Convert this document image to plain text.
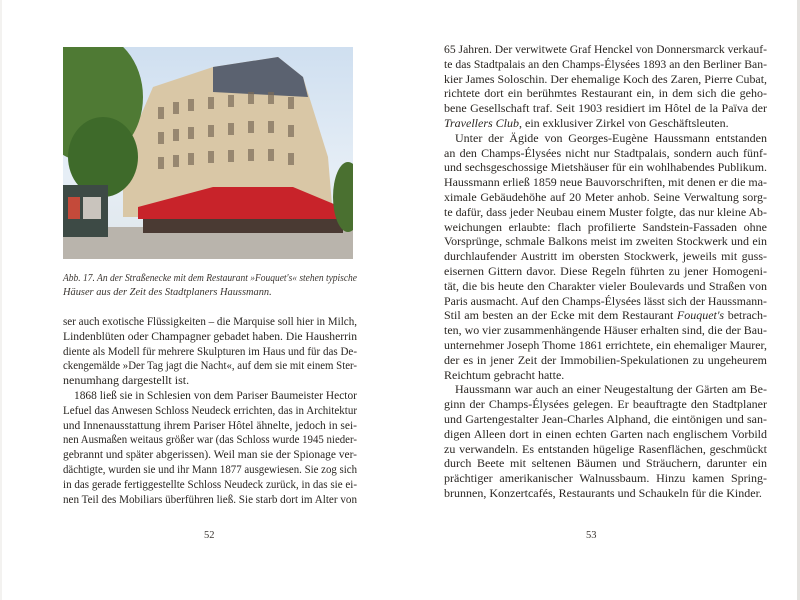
Abb. 17. An der Straßenecke mit dem Restaurant »Fouquet's« stehen typische
Häuser aus der Zeit des Stadtplaners Haussmann.
ser auch exotische Flüssigkeiten – die Marquise soll hier in Milch,
Lindenblüten oder Champagner gebadet haben. Die Hausherrin
diente als Modell für mehrere Skulpturen im Haus und für das De-
ckengemälde »Der Tag jagt die Nacht«, auf dem sie mit einem Ster-
nenumhang dargestellt ist.
1868 ließ sie in Schlesien von dem Pariser Baumeister Hector
Lefuel das Anwesen Schloss Neudeck errichten, das in Architektur
und Innenausstattung ihrem Pariser Hôtel ähnelte, jedoch in sei-
nen Ausmaßen weitaus größer war (das Schloss wurde 1945 nieder-
gebrannt und später abgerissen). Weil man sie der Spionage ver-
dächtigte, wurden sie und ihr Mann 1877 ausgewiesen. Sie zog sich
in das gerade fertiggestellte Schloss Neudeck zurück, in das sie ei-
nen Teil des Mobiliars überführen ließ. Sie starb dort im Alter von
52
65 Jahren. Der verwitwete Graf Henckel von Donnersmarck verkauf-
te das Stadtpalais an den Champs-Élysées 1893 an den Berliner Ban-
kier James Soloschin. Der ehemalige Koch des Zaren, Pierre Cubat,
richtete dort ein berühmtes Restaurant ein, in dem sich die geho-
bene Gesellschaft traf. Seit 1903 residiert im Hôtel de la Païva der
Travellers Club, ein exklusiver Zirkel von Geschäftsleuten.
Unter der Ägide von Georges-Eugène Haussmann entstanden
an den Champs-Élysées nicht nur Stadtpalais, sondern auch fünf-
und sechsgeschossige Mietshäuser für ein wohlhabendes Publikum.
Haussmann erließ 1859 neue Bauvorschriften, mit denen er die ma-
ximale Gebäudehöhe auf 20 Meter anhob. Seine Verwaltung sorg-
te dafür, dass jeder Neubau einem Muster folgte, das nur kleine Ab-
weichungen erlaubte: flach profilierte Sandstein-Fassaden ohne
Vorsprünge, schmale Balkons meist im zweiten Stockwerk und ein
durchlaufender Austritt im obersten Stockwerk, jeweils mit guss-
eisernen Gittern davor. Diese Regeln führten zu jener Homogeni-
tät, die bis heute den Charakter vieler Boulevards und Straßen von
Paris ausmacht. Auf den Champs-Élysées lässt sich der Haussmann-
Stil am besten an der Ecke mit dem Restaurant Fouquet's betrach-
ten, wo vier zusammenhängende Häuser erhalten sind, die der Bau-
unternehmer Joseph Thome 1861 errichtete, ein ehemaliger Maurer,
der es in jener Zeit der Immobilien-Spekulationen zu ungeheurem
Reichtum gebracht hatte.
Haussmann war auch an einer Neugestaltung der Gärten am Be-
ginn der Champs-Élysées gelegen. Er beauftragte den Stadtplaner
und Gartengestalter Jean-Charles Alphand, die eintönigen und san-
digen Alleen dort in einen echten Garten nach englischem Vorbild
zu verwandeln. Es entstanden hügelige Rasenflächen, geschmückt
durch Beete mit seltenen Bäumen und Sträuchern, darunter ein
prächtiger amerikanischer Walnussbaum. Hinzu kamen Spring-
brunnen, Konzertcafés, Restaurants und Schaukeln für die Kinder.
53
